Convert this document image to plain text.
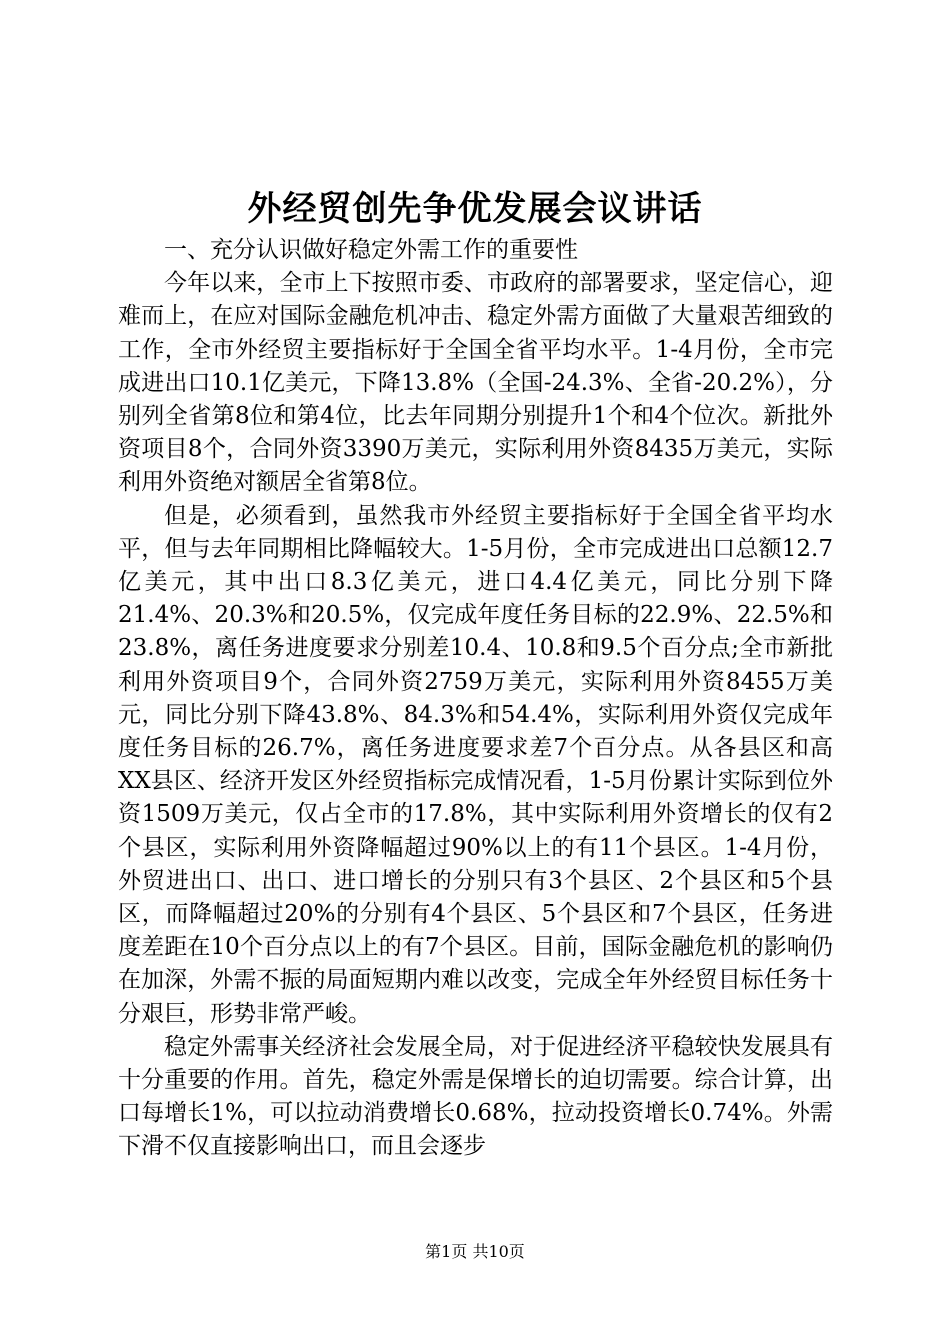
外经贸创先争优发展会议讲话

一、充分认识做好稳定外需工作的重要性

今年以来，全市上下按照市委、市政府的部署要求，坚定信心，迎难而上，在应对国际金融危机冲击、稳定外需方面做了大量艰苦细致的工作，全市外经贸主要指标好于全国全省平均水平。1-4月份，全市完成进出口10.1亿美元，下降13.8%（全国-24.3%、全省-20.2%），分别列全省第8位和第4位，比去年同期分别提升1个和4个位次。新批外资项目8个，合同外资3390万美元，实际利用外资8435万美元，实际利用外资绝对额居全省第8位。

但是，必须看到，虽然我市外经贸主要指标好于全国全省平均水平，但与去年同期相比降幅较大。1-5月份，全市完成进出口总额12.7亿美元，其中出口8.3亿美元，进口4.4亿美元，同比分别下降21.4%、20.3%和20.5%，仅完成年度任务目标的22.9%、22.5%和23.8%，离任务进度要求分别差10.4、10.8和9.5个百分点;全市新批利用外资项目9个，合同外资2759万美元，实际利用外资8455万美元，同比分别下降43.8%、84.3%和54.4%，实际利用外资仅完成年度任务目标的26.7%，离任务进度要求差7个百分点。从各县区和高XX县区、经济开发区外经贸指标完成情况看，1-5月份累计实际到位外资1509万美元，仅占全市的17.8%，其中实际利用外资增长的仅有2个县区，实际利用外资降幅超过90%以上的有11个县区。1-4月份，外贸进出口、出口、进口增长的分别只有3个县区、2个县区和5个县区，而降幅超过20%的分别有4个县区、5个县区和7个县区，任务进度差距在10个百分点以上的有7个县区。目前，国际金融危机的影响仍在加深，外需不振的局面短期内难以改变，完成全年外经贸目标任务十分艰巨，形势非常严峻。

稳定外需事关经济社会发展全局，对于促进经济平稳较快发展具有十分重要的作用。首先，稳定外需是保增长的迫切需要。综合计算，出口每增长1%，可以拉动消费增长0.68%，拉动投资增长0.74%。外需下滑不仅直接影响出口，而且会逐步

第1页 共10页
